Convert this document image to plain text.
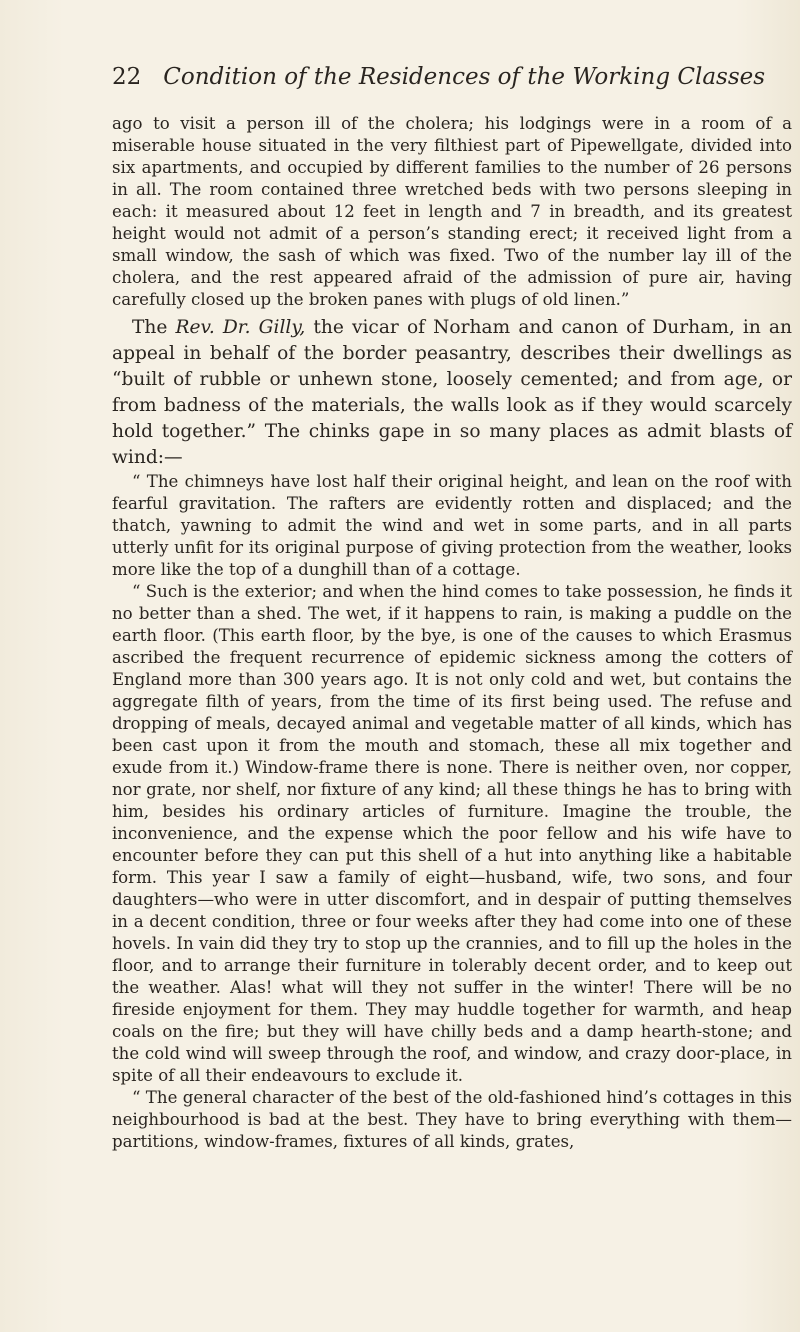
22 Condition of the Residences of the Working Classes

ago to visit a person ill of the cholera; his lodgings were in a room of a miserable house situated in the very filthiest part of Pipewellgate, divided into six apartments, and occupied by different families to the number of 26 persons in all. The room contained three wretched beds with two persons sleeping in each: it measured about 12 feet in length and 7 in breadth, and its greatest height would not admit of a person’s standing erect; it received light from a small window, the sash of which was fixed. Two of the number lay ill of the cholera, and the rest appeared afraid of the admission of pure air, having carefully closed up the broken panes with plugs of old linen.”

The Rev. Dr. Gilly, the vicar of Norham and canon of Durham, in an appeal in behalf of the border peasantry, describes their dwellings as “built of rubble or unhewn stone, loosely cemented; and from age, or from badness of the materials, the walls look as if they would scarcely hold together.” The chinks gape in so many places as admit blasts of wind:—

“ The chimneys have lost half their original height, and lean on the roof with fearful gravitation. The rafters are evidently rotten and displaced; and the thatch, yawning to admit the wind and wet in some parts, and in all parts utterly unfit for its original purpose of giving protection from the weather, looks more like the top of a dunghill than of a cottage.

“ Such is the exterior; and when the hind comes to take possession, he finds it no better than a shed. The wet, if it happens to rain, is making a puddle on the earth floor. (This earth floor, by the bye, is one of the causes to which Erasmus ascribed the frequent recurrence of epidemic sickness among the cotters of England more than 300 years ago. It is not only cold and wet, but contains the aggregate filth of years, from the time of its first being used. The refuse and dropping of meals, decayed animal and vegetable matter of all kinds, which has been cast upon it from the mouth and stomach, these all mix together and exude from it.) Window-frame there is none. There is neither oven, nor copper, nor grate, nor shelf, nor fixture of any kind; all these things he has to bring with him, besides his ordinary articles of furniture. Imagine the trouble, the inconvenience, and the expense which the poor fellow and his wife have to encounter before they can put this shell of a hut into anything like a habitable form. This year I saw a family of eight—husband, wife, two sons, and four daughters—who were in utter discomfort, and in despair of putting themselves in a decent condition, three or four weeks after they had come into one of these hovels. In vain did they try to stop up the crannies, and to fill up the holes in the floor, and to arrange their furniture in tolerably decent order, and to keep out the weather. Alas! what will they not suffer in the winter! There will be no fireside enjoyment for them. They may huddle together for warmth, and heap coals on the fire; but they will have chilly beds and a damp hearth-stone; and the cold wind will sweep through the roof, and window, and crazy door-place, in spite of all their endeavours to exclude it.

“ The general character of the best of the old-fashioned hind’s cottages in this neighbourhood is bad at the best. They have to bring everything with them—partitions, window-frames, fixtures of all kinds, grates,
